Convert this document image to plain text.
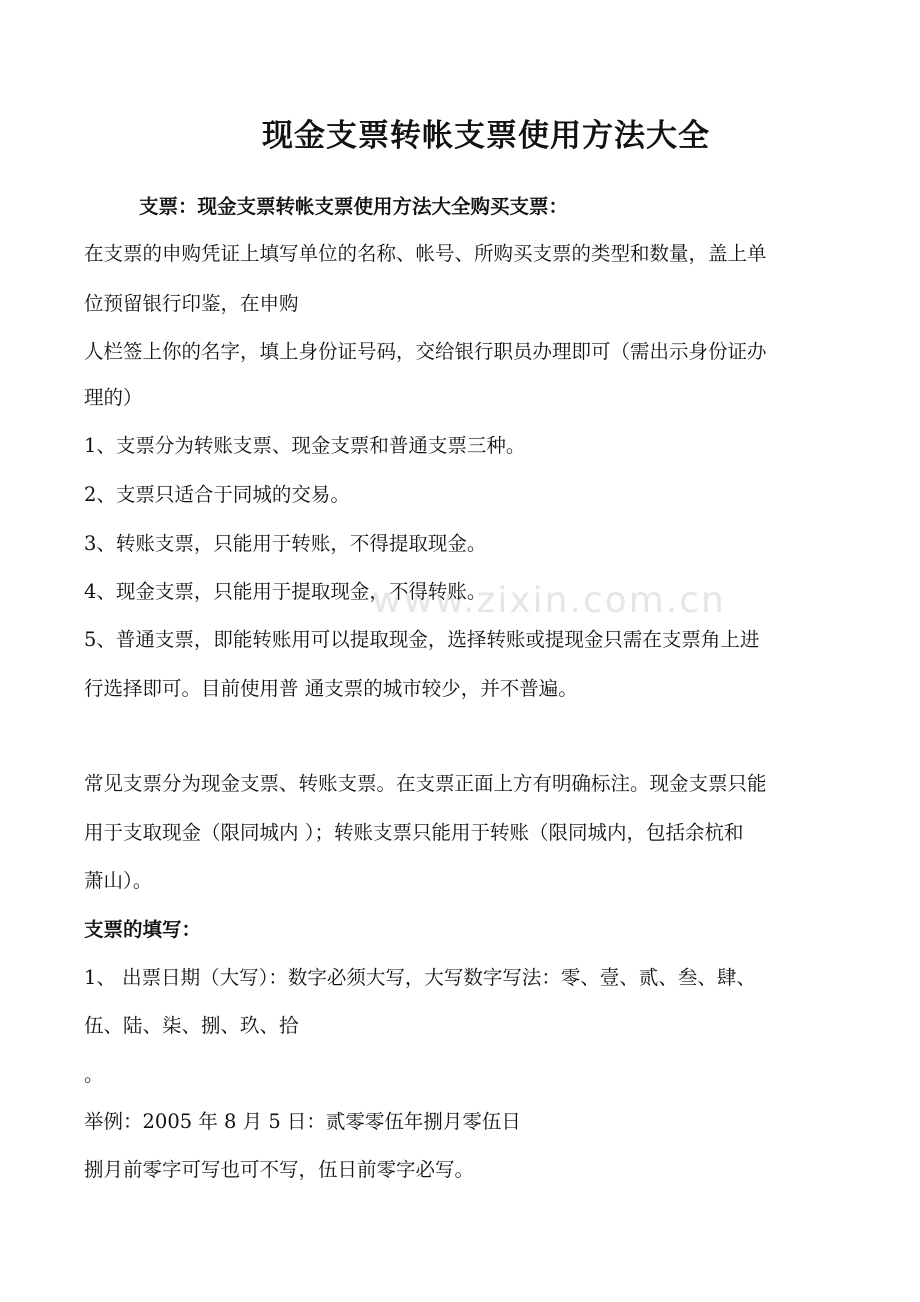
www.zixin.com.cn
现金支票转帐支票使用方法大全
支票：现金支票转帐支票使用方法大全购买支票：
在支票的申购凭证上填写单位的名称、帐号、所购买支票的类型和数量，盖上单
位预留银行印鉴，在申购
人栏签上你的名字，填上身份证号码，交给银行职员办理即可（需出示身份证办
理的）
1、支票分为转账支票、现金支票和普通支票三种。
2、支票只适合于同城的交易。
3、转账支票，只能用于转账，不得提取现金。
4、现金支票，只能用于提取现金，不得转账。
5、普通支票，即能转账用可以提取现金，选择转账或提现金只需在支票角上进
行选择即可。目前使用普 通支票的城市较少，并不普遍。
常见支票分为现金支票、转账支票。在支票正面上方有明确标注。现金支票只能
用于支取现金（限同城内 ）；转账支票只能用于转账（限同城内，包括余杭和
萧山）。
支票的填写：
1、 出票日期（大写）：数字必须大写，大写数字写法：零、壹、贰、叁、肆、
伍、陆、柒、捌、玖、拾
。
举例：2005 年 8 月 5 日：贰零零伍年捌月零伍日
捌月前零字可写也可不写，伍日前零字必写。
